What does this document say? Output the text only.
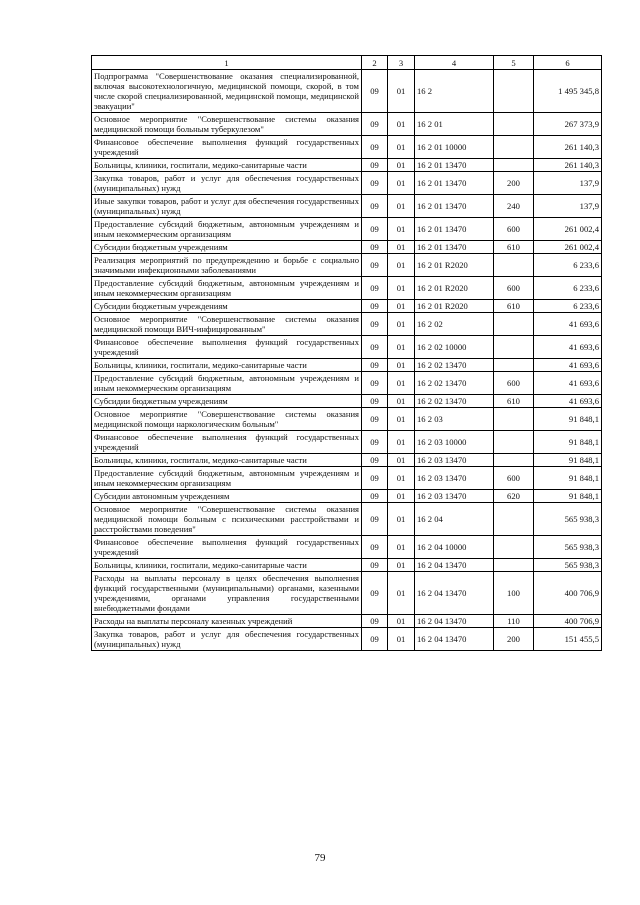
1	2	3	4	5	6
Подпрограмма "Совершенствование оказания специализированной, включая высокотехнологичную, медицинской помощи, скорой, в том числе скорой специализированной, медицинской помощи, медицинской эвакуации"	09	01	16 2		1 495 345,8
Основное мероприятие "Совершенствование системы оказания медицинской помощи больным туберкулезом"	09	01	16 2 01		267 373,9
Финансовое обеспечение выполнения функций государственных учреждений	09	01	16 2 01 10000		261 140,3
Больницы, клиники, госпитали, медико-санитарные части	09	01	16 2 01 13470		261 140,3
Закупка товаров, работ и услуг для обеспечения государственных (муниципальных) нужд	09	01	16 2 01 13470	200	137,9
Иные закупки товаров, работ и услуг для обеспечения государственных (муниципальных) нужд	09	01	16 2 01 13470	240	137,9
Предоставление субсидий бюджетным, автономным учреждениям и иным некоммерческим организациям	09	01	16 2 01 13470	600	261 002,4
Субсидии бюджетным учреждениям	09	01	16 2 01 13470	610	261 002,4
Реализация мероприятий по предупреждению и борьбе с социально значимыми инфекционными заболеваниями	09	01	16 2 01 R2020		6 233,6
Предоставление субсидий бюджетным, автономным учреждениям и иным некоммерческим организациям	09	01	16 2 01 R2020	600	6 233,6
Субсидии бюджетным учреждениям	09	01	16 2 01 R2020	610	6 233,6
Основное мероприятие "Совершенствование системы оказания медицинской помощи ВИЧ-инфицированным"	09	01	16 2 02		41 693,6
Финансовое обеспечение выполнения функций государственных учреждений	09	01	16 2 02 10000		41 693,6
Больницы, клиники, госпитали, медико-санитарные части	09	01	16 2 02 13470		41 693,6
Предоставление субсидий бюджетным, автономным учреждениям и иным некоммерческим организациям	09	01	16 2 02 13470	600	41 693,6
Субсидии бюджетным учреждениям	09	01	16 2 02 13470	610	41 693,6
Основное мероприятие "Совершенствование системы оказания медицинской помощи наркологическим больным"	09	01	16 2 03		91 848,1
Финансовое обеспечение выполнения функций государственных учреждений	09	01	16 2 03 10000		91 848,1
Больницы, клиники, госпитали, медико-санитарные части	09	01	16 2 03 13470		91 848,1
Предоставление субсидий бюджетным, автономным учреждениям и иным некоммерческим организациям	09	01	16 2 03 13470	600	91 848,1
Субсидии автономным учреждениям	09	01	16 2 03 13470	620	91 848,1
Основное мероприятие "Совершенствование системы оказания медицинской помощи больным с психическими расстройствами и расстройствами поведения"	09	01	16 2 04		565 938,3
Финансовое обеспечение выполнения функций государственных учреждений	09	01	16 2 04 10000		565 938,3
Больницы, клиники, госпитали, медико-санитарные части	09	01	16 2 04 13470		565 938,3
Расходы на выплаты персоналу в целях обеспечения выполнения функций государственными (муниципальными) органами, казенными учреждениями, органами управления государственными внебюджетными фондами	09	01	16 2 04 13470	100	400 706,9
Расходы на выплаты персоналу казенных учреждений	09	01	16 2 04 13470	110	400 706,9
Закупка товаров, работ и услуг для обеспечения государственных (муниципальных) нужд	09	01	16 2 04 13470	200	151 455,5
79
